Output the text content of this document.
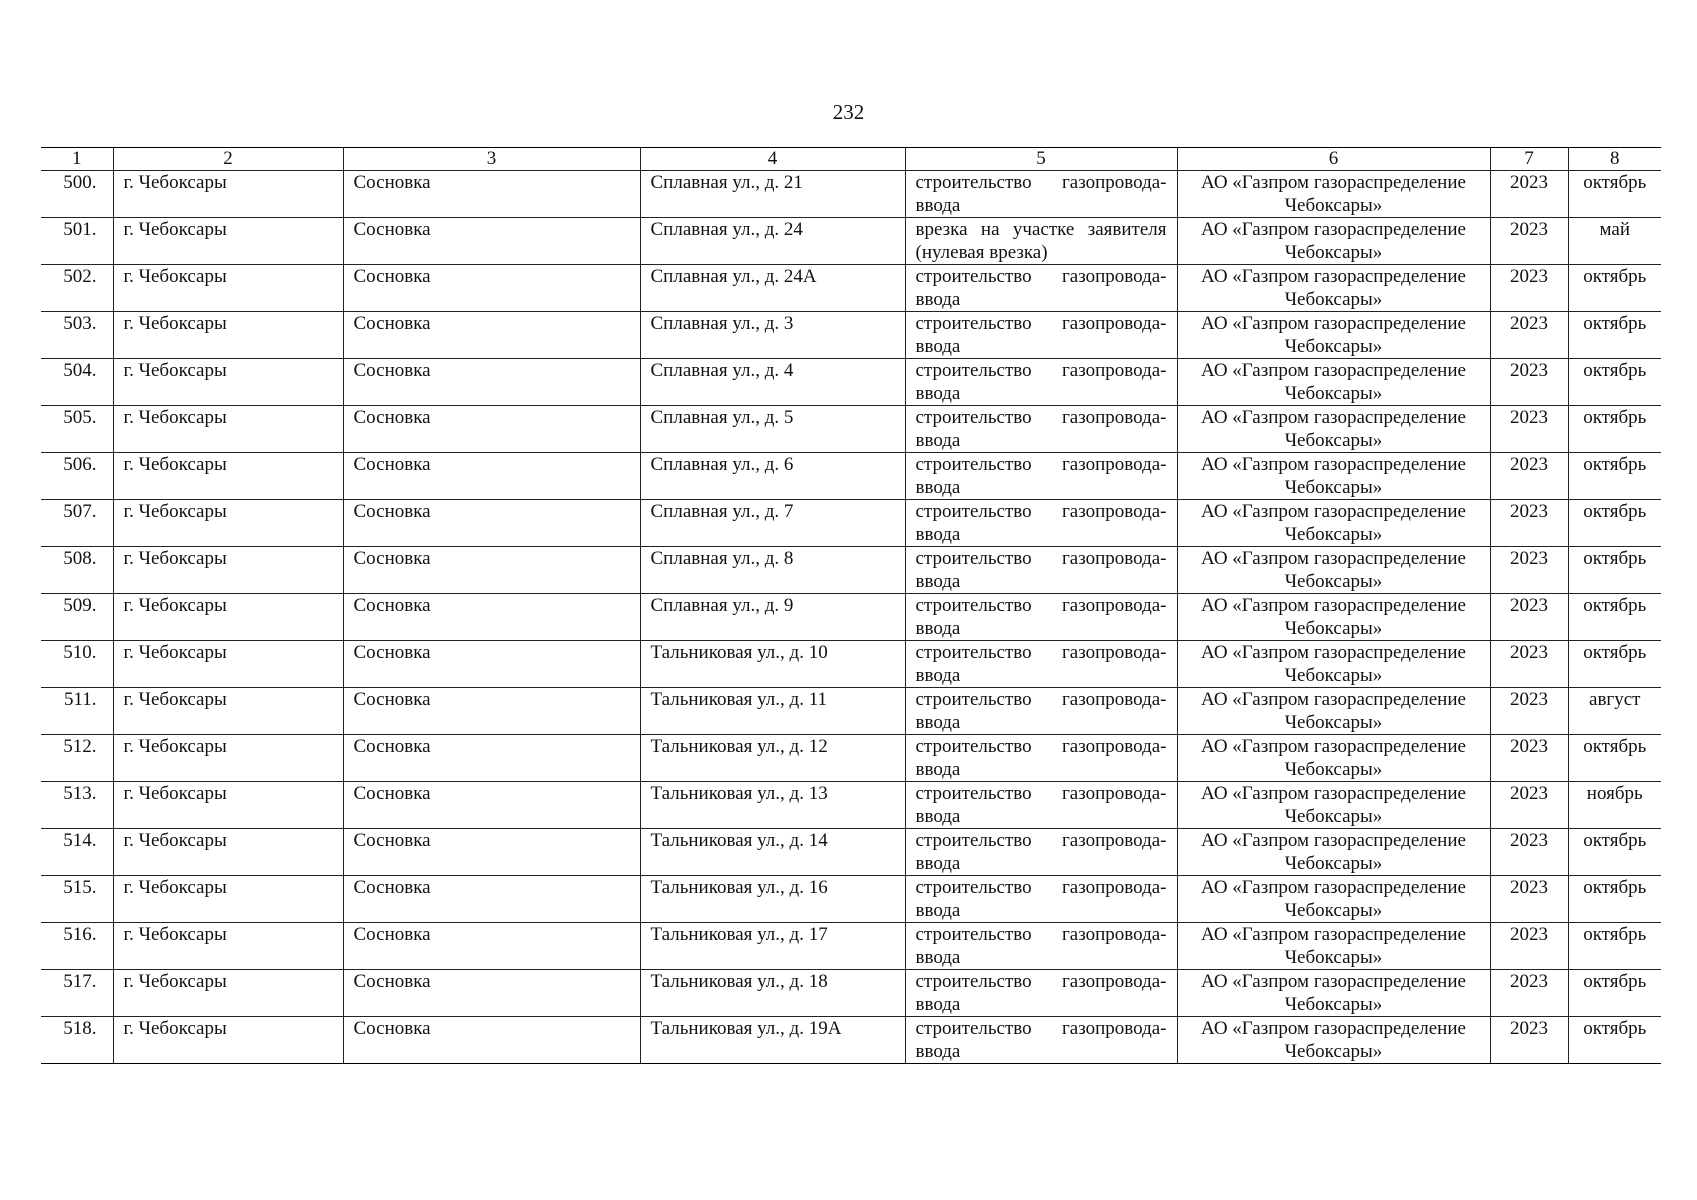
232
1	2	3	4	5	6	7	8
500.	г. Чебоксары	Сосновка	Сплавная ул., д. 21	строительство газопровода-ввода	АО «Газпром газораспределение Чебоксары»	2023	октябрь
501.	г. Чебоксары	Сосновка	Сплавная ул., д. 24	врезка на участке заявителя (нулевая врезка)	АО «Газпром газораспределение Чебоксары»	2023	май
502.	г. Чебоксары	Сосновка	Сплавная ул., д. 24А	строительство газопровода-ввода	АО «Газпром газораспределение Чебоксары»	2023	октябрь
503.	г. Чебоксары	Сосновка	Сплавная ул., д. 3	строительство газопровода-ввода	АО «Газпром газораспределение Чебоксары»	2023	октябрь
504.	г. Чебоксары	Сосновка	Сплавная ул., д. 4	строительство газопровода-ввода	АО «Газпром газораспределение Чебоксары»	2023	октябрь
505.	г. Чебоксары	Сосновка	Сплавная ул., д. 5	строительство газопровода-ввода	АО «Газпром газораспределение Чебоксары»	2023	октябрь
506.	г. Чебоксары	Сосновка	Сплавная ул., д. 6	строительство газопровода-ввода	АО «Газпром газораспределение Чебоксары»	2023	октябрь
507.	г. Чебоксары	Сосновка	Сплавная ул., д. 7	строительство газопровода-ввода	АО «Газпром газораспределение Чебоксары»	2023	октябрь
508.	г. Чебоксары	Сосновка	Сплавная ул., д. 8	строительство газопровода-ввода	АО «Газпром газораспределение Чебоксары»	2023	октябрь
509.	г. Чебоксары	Сосновка	Сплавная ул., д. 9	строительство газопровода-ввода	АО «Газпром газораспределение Чебоксары»	2023	октябрь
510.	г. Чебоксары	Сосновка	Тальниковая ул., д. 10	строительство газопровода-ввода	АО «Газпром газораспределение Чебоксары»	2023	октябрь
511.	г. Чебоксары	Сосновка	Тальниковая ул., д. 11	строительство газопровода-ввода	АО «Газпром газораспределение Чебоксары»	2023	август
512.	г. Чебоксары	Сосновка	Тальниковая ул., д. 12	строительство газопровода-ввода	АО «Газпром газораспределение Чебоксары»	2023	октябрь
513.	г. Чебоксары	Сосновка	Тальниковая ул., д. 13	строительство газопровода-ввода	АО «Газпром газораспределение Чебоксары»	2023	ноябрь
514.	г. Чебоксары	Сосновка	Тальниковая ул., д. 14	строительство газопровода-ввода	АО «Газпром газораспределение Чебоксары»	2023	октябрь
515.	г. Чебоксары	Сосновка	Тальниковая ул., д. 16	строительство газопровода-ввода	АО «Газпром газораспределение Чебоксары»	2023	октябрь
516.	г. Чебоксары	Сосновка	Тальниковая ул., д. 17	строительство газопровода-ввода	АО «Газпром газораспределение Чебоксары»	2023	октябрь
517.	г. Чебоксары	Сосновка	Тальниковая ул., д. 18	строительство газопровода-ввода	АО «Газпром газораспределение Чебоксары»	2023	октябрь
518.	г. Чебоксары	Сосновка	Тальниковая ул., д. 19А	строительство газопровода-ввода	АО «Газпром газораспределение Чебоксары»	2023	октябрь
